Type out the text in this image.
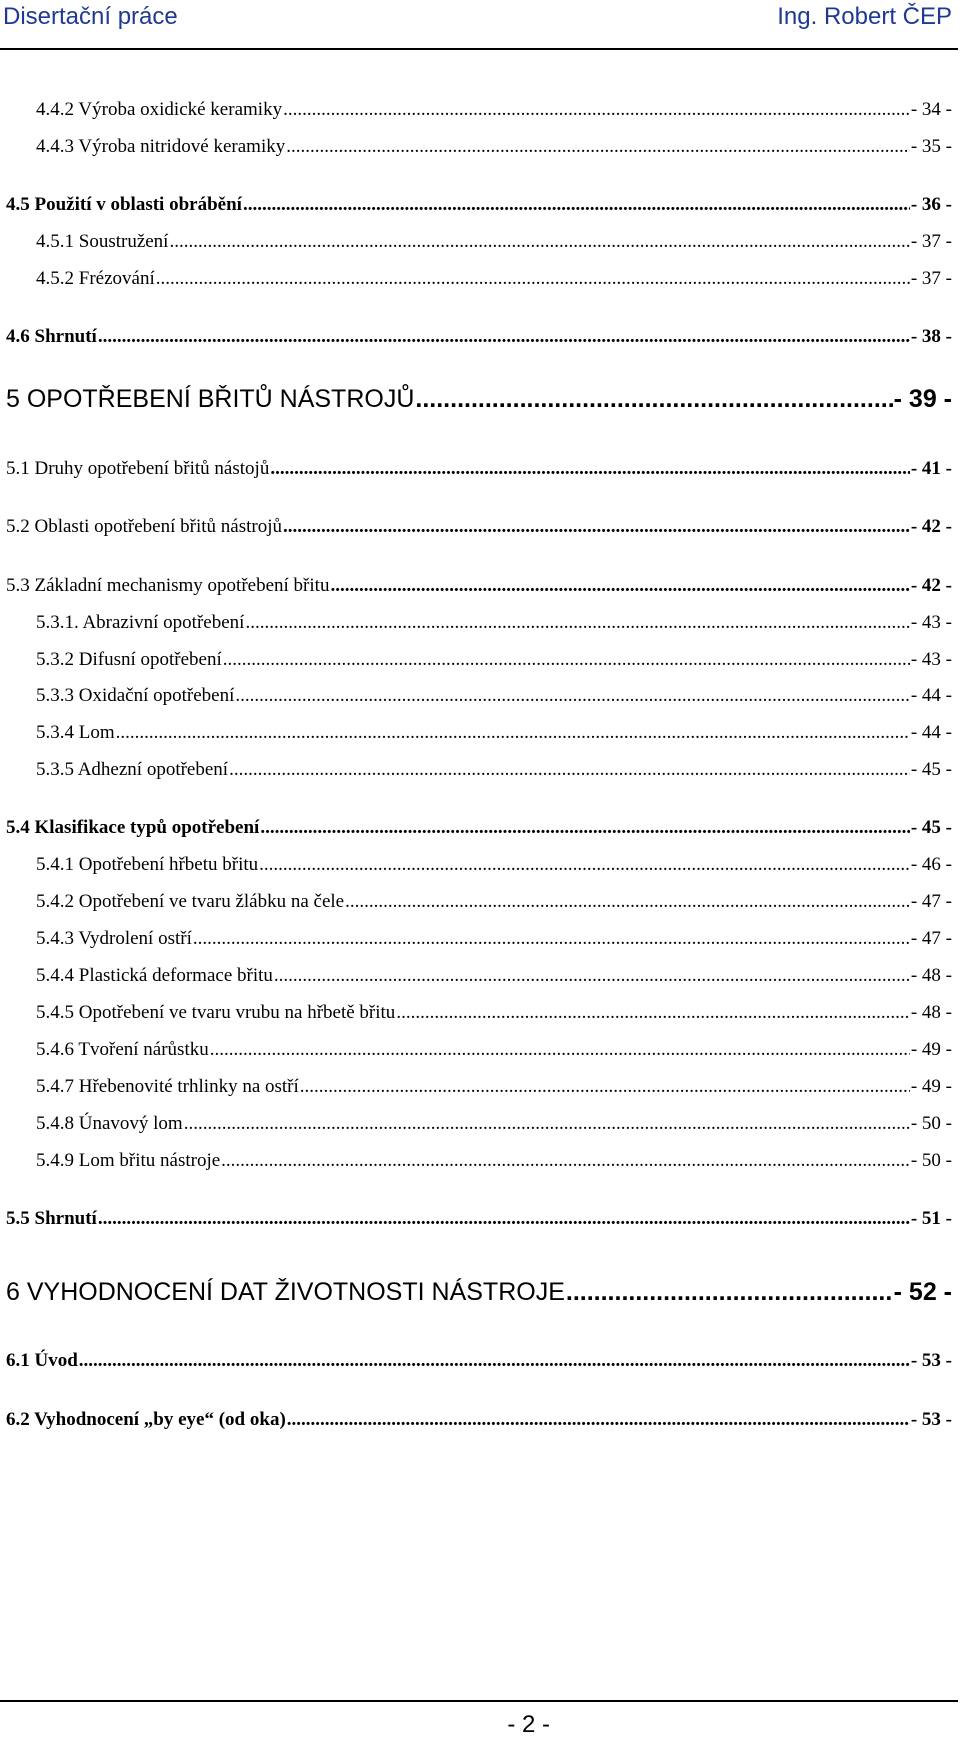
Disertační práce	Ing. Robert ČEP
4.4.2 Výroba oxidické keramiky .....	- 34 -
4.4.3 Výroba nitridové keramiky .....	- 35 -
4.5 Použití v oblasti obrábění .....	- 36 -
4.5.1 Soustružení .....	- 37 -
4.5.2 Frézování .....	- 37 -
4.6 Shrnutí .....	- 38 -
5 OPOTŘEBENÍ BŘITŮ NÁSTROJŮ .....	- 39 -
5.1 Druhy opotřebení břitů nástojů .....	- 41 -
5.2 Oblasti opotřebení břitů nástrojů .....	- 42 -
5.3 Základní mechanismy opotřebení břitu .....	- 42 -
5.3.1. Abrazivní opotřebení .....	- 43 -
5.3.2 Difusní opotřebení .....	- 43 -
5.3.3 Oxidační opotřebení .....	- 44 -
5.3.4 Lom .....	- 44 -
5.3.5 Adhezní opotřebení .....	- 45 -
5.4 Klasifikace typů opotřebení .....	- 45 -
5.4.1 Opotřebení hřbetu břitu .....	- 46 -
5.4.2 Opotřebení ve tvaru žlábku na čele .....	- 47 -
5.4.3 Vydrolení ostří .....	- 47 -
5.4.4 Plastická deformace břitu .....	- 48 -
5.4.5 Opotřebení ve tvaru vrubu na hřbetě břitu .....	- 48 -
5.4.6 Tvoření nárůstku .....	- 49 -
5.4.7 Hřebenovité trhlinky na ostří .....	- 49 -
5.4.8 Únavový lom .....	- 50 -
5.4.9 Lom břitu nástroje .....	- 50 -
5.5 Shrnutí .....	- 51 -
6 VYHODNOCENÍ DAT ŽIVOTNOSTI NÁSTROJE .....	- 52 -
6.1 Úvod .....	- 53 -
6.2 Vyhodnocení „by eye“ (od oka) .....	- 53 -
- 2 -
